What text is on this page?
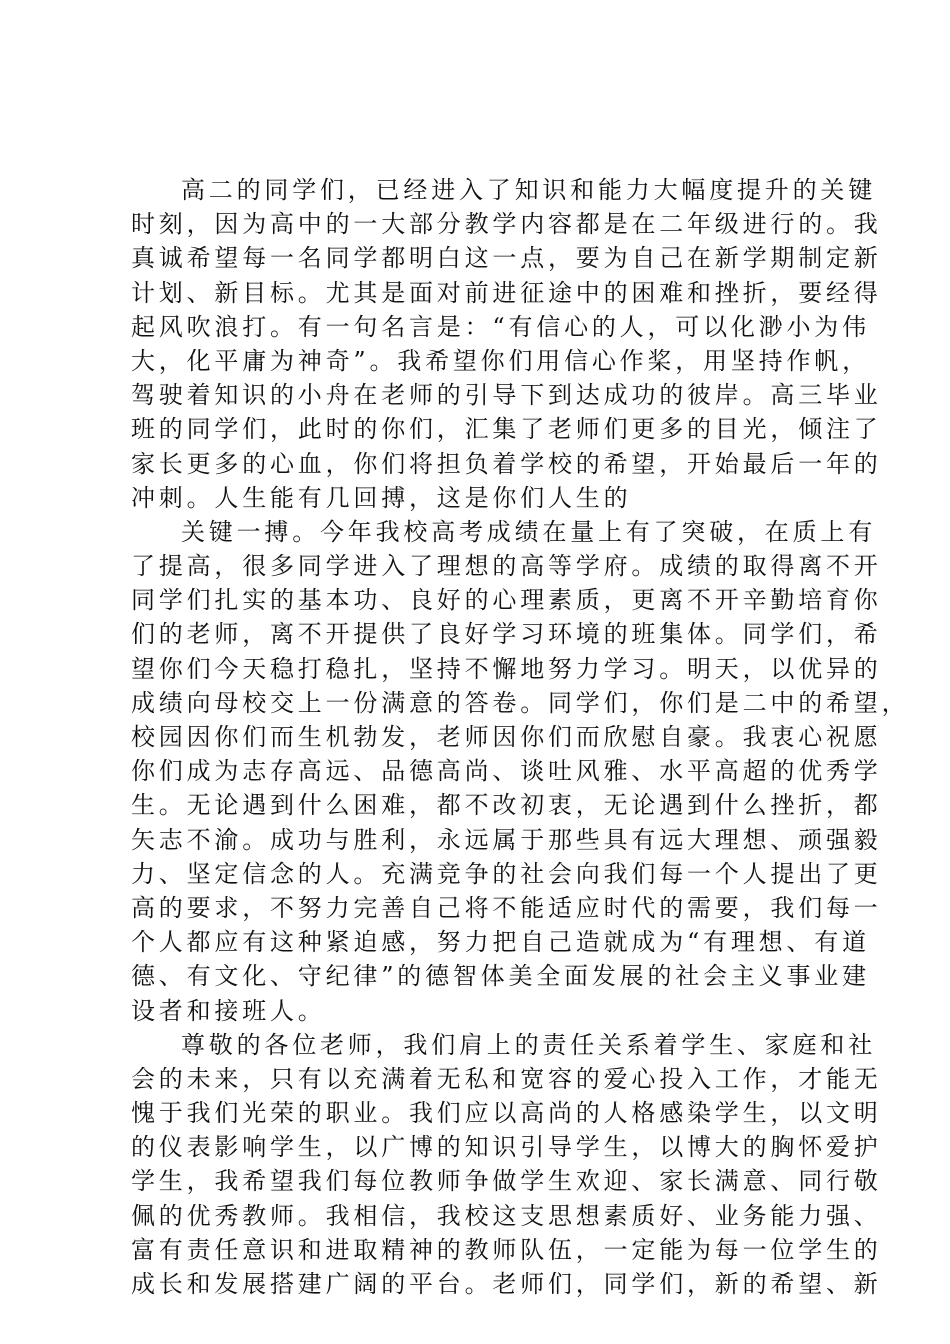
高二的同学们，已经进入了知识和能力大幅度提升的关键
时刻，因为高中的一大部分教学内容都是在二年级进行的。我
真诚希望每一名同学都明白这一点，要为自己在新学期制定新
计划、新目标。尤其是面对前进征途中的困难和挫折，要经得
起风吹浪打。有一句名言是：“有信心的人，可以化渺小为伟
大，化平庸为神奇”。我希望你们用信心作桨，用坚持作帆，
驾驶着知识的小舟在老师的引导下到达成功的彼岸。高三毕业
班的同学们，此时的你们，汇集了老师们更多的目光，倾注了
家长更多的心血，你们将担负着学校的希望，开始最后一年的
冲刺。人生能有几回搏，这是你们人生的
关键一搏。今年我校高考成绩在量上有了突破，在质上有
了提高，很多同学进入了理想的高等学府。成绩的取得离不开
同学们扎实的基本功、良好的心理素质，更离不开辛勤培育你
们的老师，离不开提供了良好学习环境的班集体。同学们，希
望你们今天稳打稳扎，坚持不懈地努力学习。明天，以优异的
成绩向母校交上一份满意的答卷。同学们，你们是二中的希望，
校园因你们而生机勃发，老师因你们而欣慰自豪。我衷心祝愿
你们成为志存高远、品德高尚、谈吐风雅、水平高超的优秀学
生。无论遇到什么困难，都不改初衷，无论遇到什么挫折，都
矢志不渝。成功与胜利，永远属于那些具有远大理想、顽强毅
力、坚定信念的人。充满竞争的社会向我们每一个人提出了更
高的要求，不努力完善自己将不能适应时代的需要，我们每一
个人都应有这种紧迫感，努力把自己造就成为“有理想、有道
德、有文化、守纪律”的德智体美全面发展的社会主义事业建
设者和接班人。
尊敬的各位老师，我们肩上的责任关系着学生、家庭和社
会的未来，只有以充满着无私和宽容的爱心投入工作，才能无
愧于我们光荣的职业。我们应以高尚的人格感染学生，以文明
的仪表影响学生，以广博的知识引导学生，以博大的胸怀爱护
学生，我希望我们每位教师争做学生欢迎、家长满意、同行敬
佩的优秀教师。我相信，我校这支思想素质好、业务能力强、
富有责任意识和进取精神的教师队伍，一定能为每一位学生的
成长和发展搭建广阔的平台。老师们，同学们，新的希望、新
